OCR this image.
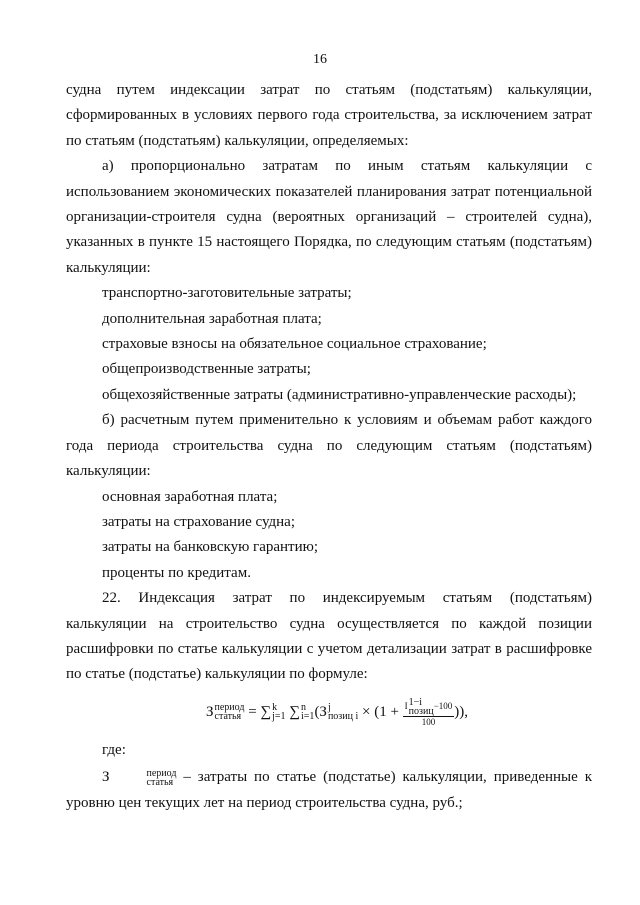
16

судна путем индексации затрат по статьям (подстатьям) калькуляции,

сформированных в условиях первого года строительства, за исключением затрат

по статьям (подстатьям) калькуляции, определяемых:

а) пропорционально затратам по иным статьям калькуляции с использованием экономических показателей планирования затрат потенциальной организации-строителя судна (вероятных организаций – строителей судна), указанных в пункте 15 настоящего Порядка, по следующим статьям (подстатьям) калькуляции:

транспортно-заготовительные затраты;

дополнительная заработная плата;

страховые взносы на обязательное социальное страхование;

общепроизводственные затраты;

общехозяйственные затраты (административно-управленческие расходы);

б) расчетным путем применительно к условиям и объемам работ каждого года периода строительства судна по следующим статьям (подстатьям) калькуляции:

основная заработная плата;

затраты на страхование судна;

затраты на банковскую гарантию;

проценты по кредитам.

22. Индексация затрат по индексируемым статьям (подстатьям) калькуляции на строительство судна осуществляется по каждой позиции расшифровки по статье калькуляции с учетом детализации затрат в расшифровке по статье (подстатье) калькуляции по формуле:

З период
статья = ∑ k
j=1 ∑ n
i=1 (З j
позиц i × (1 + I 1−i
позиц −100
100 )),

где:

З	период
статья – затраты по статье (подстатье) калькуляции, приведенные к уровню цен текущих лет на период строительства судна, руб.;
